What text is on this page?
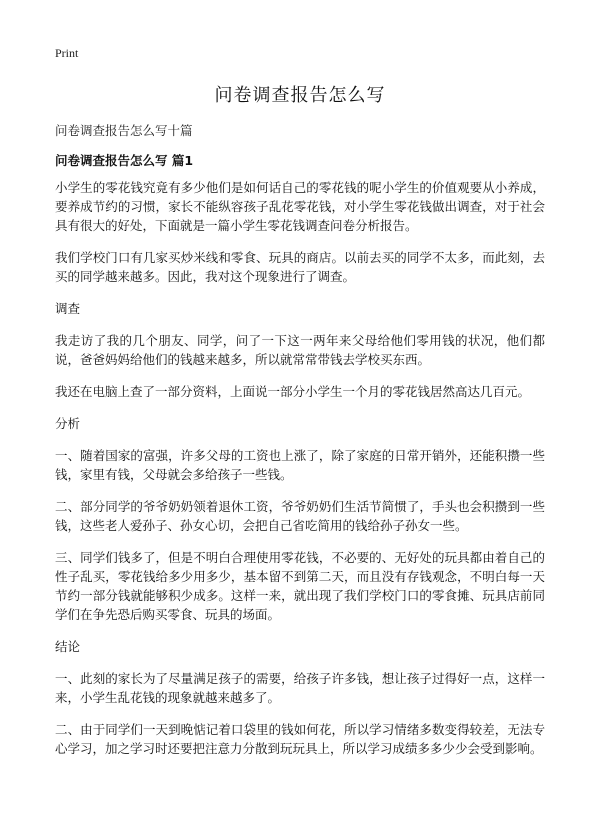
Print
问卷调查报告怎么写
问卷调查报告怎么写十篇
问卷调查报告怎么写 篇1

小学生的零花钱究竟有多少他们是如何话自己的零花钱的呢小学生的价值观要从小养成，要养成节约的习惯，家长不能纵容孩子乱花零花钱，对小学生零花钱做出调查，对于社会具有很大的好处，下面就是一篇小学生零花钱调查问卷分析报告。

我们学校门口有几家买炒米线和零食、玩具的商店。以前去买的同学不太多，而此刻，去买的同学越来越多。因此，我对这个现象进行了调查。

调查

我走访了我的几个朋友、同学，问了一下这一两年来父母给他们零用钱的状况，他们都说，爸爸妈妈给他们的钱越来越多，所以就常常带钱去学校买东西。

我还在电脑上查了一部分资料，上面说一部分小学生一个月的零花钱居然高达几百元。

分析

一、随着国家的富强，许多父母的工资也上涨了，除了家庭的日常开销外，还能积攒一些钱，家里有钱，父母就会多给孩子一些钱。

二、部分同学的爷爷奶奶领着退休工资，爷爷奶奶们生活节简惯了，手头也会积攒到一些钱，这些老人爱孙子、孙女心切，会把自己省吃简用的钱给孙子孙女一些。

三、同学们钱多了，但是不明白合理使用零花钱，不必要的、无好处的玩具都由着自己的性子乱买，零花钱给多少用多少，基本留不到第二天，而且没有存钱观念，不明白每一天节约一部分钱就能够积少成多。这样一来，就出现了我们学校门口的零食摊、玩具店前同学们在争先恐后购买零食、玩具的场面。

结论

一、此刻的家长为了尽量满足孩子的需要，给孩子许多钱，想让孩子过得好一点，这样一来，小学生乱花钱的现象就越来越多了。

二、由于同学们一天到晚惦记着口袋里的钱如何花，所以学习情绪多数变得较差，无法专心学习，加之学习时还要把注意力分散到玩玩具上，所以学习成绩多多少少会受到影响。
